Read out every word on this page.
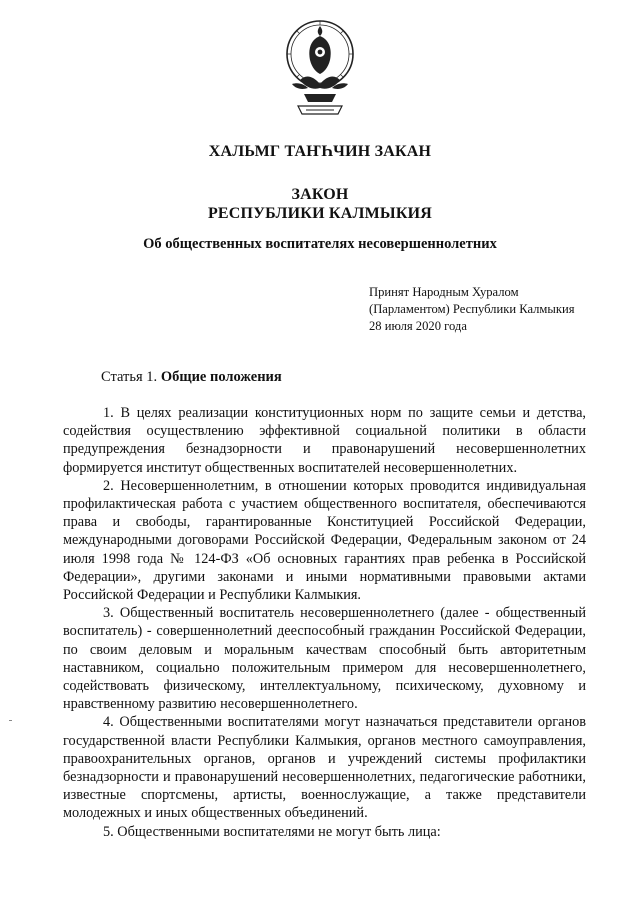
ХАЛЬМГ ТАҤҺЧИН ЗАКАН
ЗАКОН
РЕСПУБЛИКИ КАЛМЫКИЯ
Об общественных воспитателях несовершеннолетних
Принят Народным Хуралом
(Парламентом) Республики Калмыкия
28 июля 2020 года
Статья 1. Общие положения

1. В целях реализации конституционных норм по защите семьи и детства, содействия осуществлению эффективной социальной политики в области предупреждения безнадзорности и правонарушений несовершеннолетних формируется институт общественных воспитателей несовершеннолетних.

2. Несовершеннолетним, в отношении которых проводится индивидуальная профилактическая работа с участием общественного воспитателя, обеспечиваются права и свободы, гарантированные Конституцией Российской Федерации, международными договорами Российской Федерации, Федеральным законом от 24 июля 1998 года № 124-ФЗ «Об основных гарантиях прав ребенка в Российской Федерации», другими законами и иными нормативными правовыми актами Российской Федерации и Республики Калмыкия.

3. Общественный воспитатель несовершеннолетнего (далее - общественный воспитатель) - совершеннолетний дееспособный гражданин Российской Федерации, по своим деловым и моральным качествам способный быть авторитетным наставником, социально положительным примером для несовершеннолетнего, содействовать физическому, интеллектуальному, психическому, духовному и нравственному развитию несовершеннолетнего.

4. Общественными воспитателями могут назначаться представители органов государственной власти Республики Калмыкия, органов местного самоуправления, правоохранительных органов, органов и учреждений системы профилактики безнадзорности и правонарушений несовершеннолетних, педагогические работники, известные спортсмены, артисты, военнослужащие, а также представители молодежных и иных общественных объединений.

5. Общественными воспитателями не могут быть лица:
